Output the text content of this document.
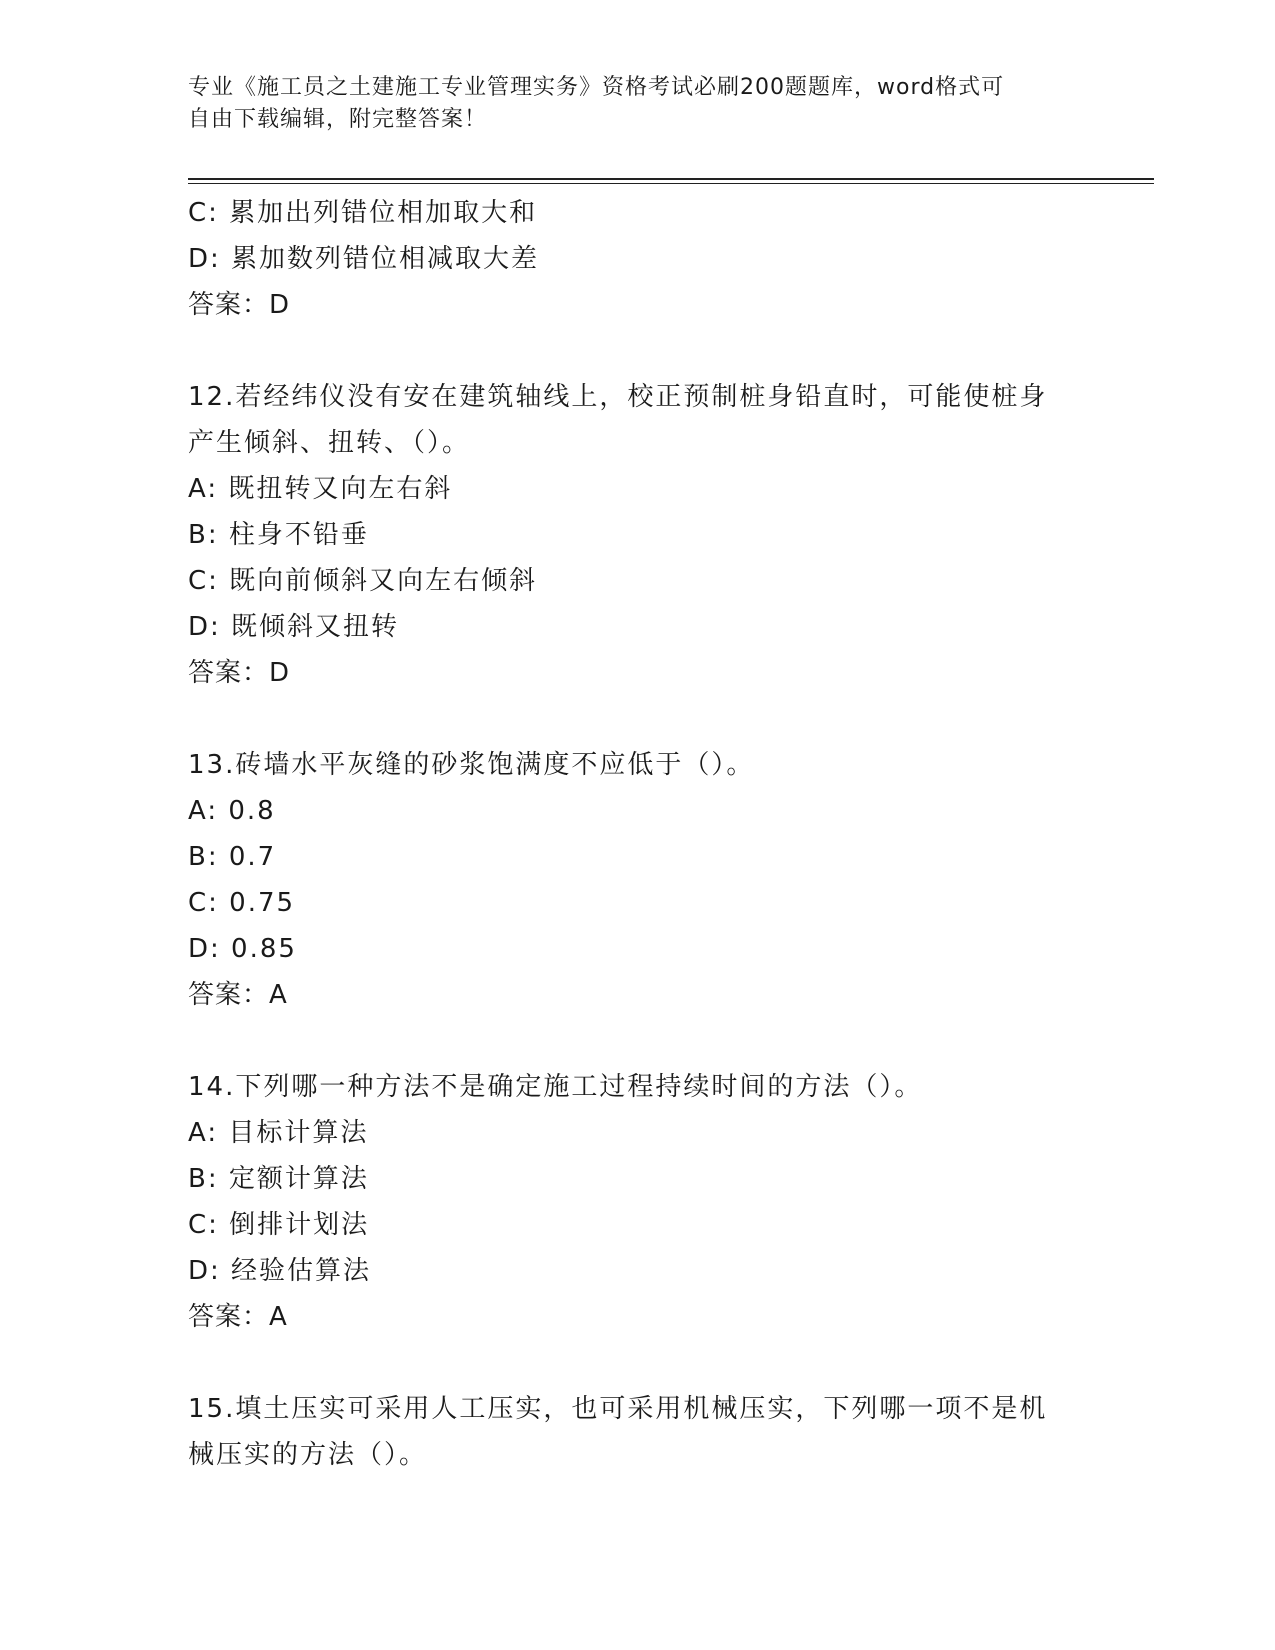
专业《施工员之土建施工专业管理实务》资格考试必刷200题题库，word格式可
自由下载编辑，附完整答案！
C: 累加出列错位相加取大和
D: 累加数列错位相减取大差
答案：D
12.若经纬仪没有安在建筑轴线上，校正预制桩身铅直时，可能使桩身
产生倾斜、扭转、（）。
A: 既扭转又向左右斜
B: 柱身不铅垂
C: 既向前倾斜又向左右倾斜
D: 既倾斜又扭转
答案：D
13.砖墙水平灰缝的砂浆饱满度不应低于（）。
A: 0.8
B: 0.7
C: 0.75
D: 0.85
答案：A
14.下列哪一种方法不是确定施工过程持续时间的方法（）。
A: 目标计算法
B: 定额计算法
C: 倒排计划法
D: 经验估算法
答案：A
15.填土压实可采用人工压实，也可采用机械压实，下列哪一项不是机
械压实的方法（）。
